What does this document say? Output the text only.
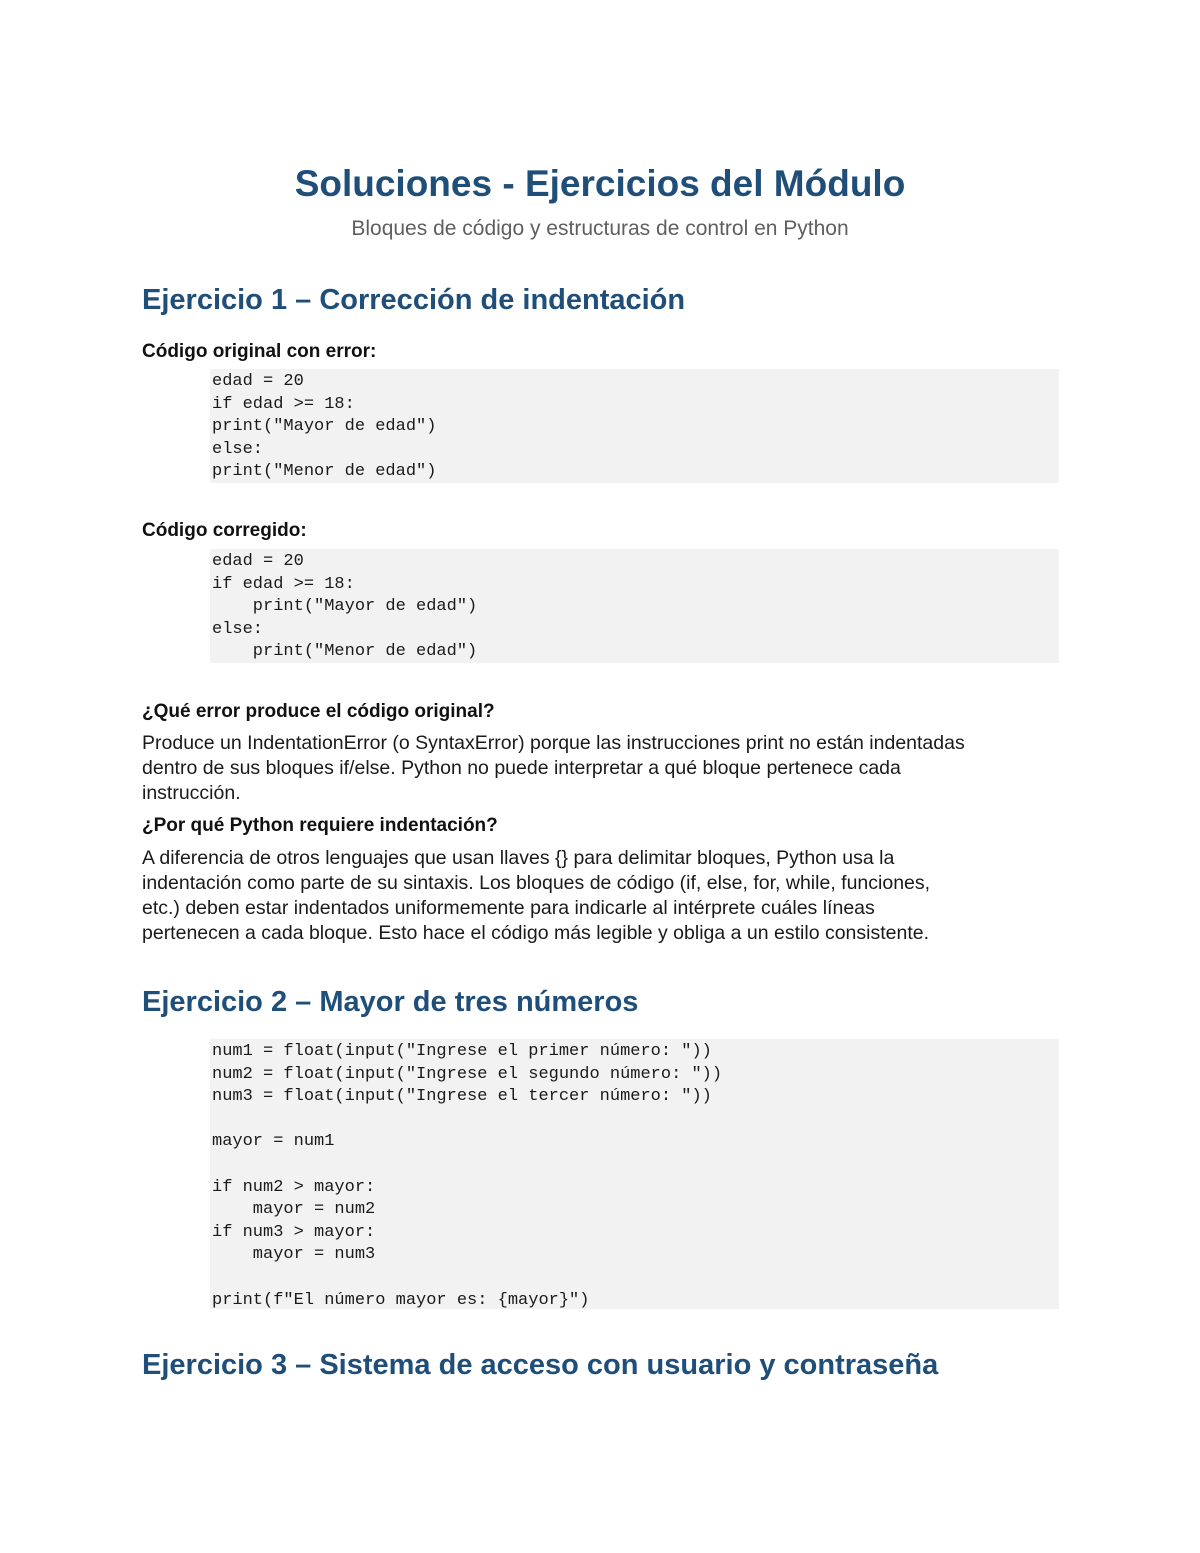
Soluciones - Ejercicios del Módulo

Bloques de código y estructuras de control en Python

Ejercicio 1 – Corrección de indentación

Código original con error:

edad = 20
if edad >= 18:
print("Mayor de edad")
else:
print("Menor de edad")

Código corregido:

edad = 20
if edad >= 18:
print("Mayor de edad")
else:
print("Menor de edad")

¿Qué error produce el código original?

Produce un IndentationError (o SyntaxError) porque las instrucciones print no están indentadas
dentro de sus bloques if/else. Python no puede interpretar a qué bloque pertenece cada
instrucción.

¿Por qué Python requiere indentación?

A diferencia de otros lenguajes que usan llaves {} para delimitar bloques, Python usa la
indentación como parte de su sintaxis. Los bloques de código (if, else, for, while, funciones,
etc.) deben estar indentados uniformemente para indicarle al intérprete cuáles líneas
pertenecen a cada bloque. Esto hace el código más legible y obliga a un estilo consistente.
Ejercicio 2 – Mayor de tres números
num1 = float(input("Ingrese el primer número: "))
num2 = float(input("Ingrese el segundo número: "))
num3 = float(input("Ingrese el tercer número: "))
mayor = num1
if num2 > mayor:
mayor = num2
if num3 > mayor:
mayor = num3
print(f"El número mayor es: {mayor}")
Ejercicio 3 – Sistema de acceso con usuario y contraseña
